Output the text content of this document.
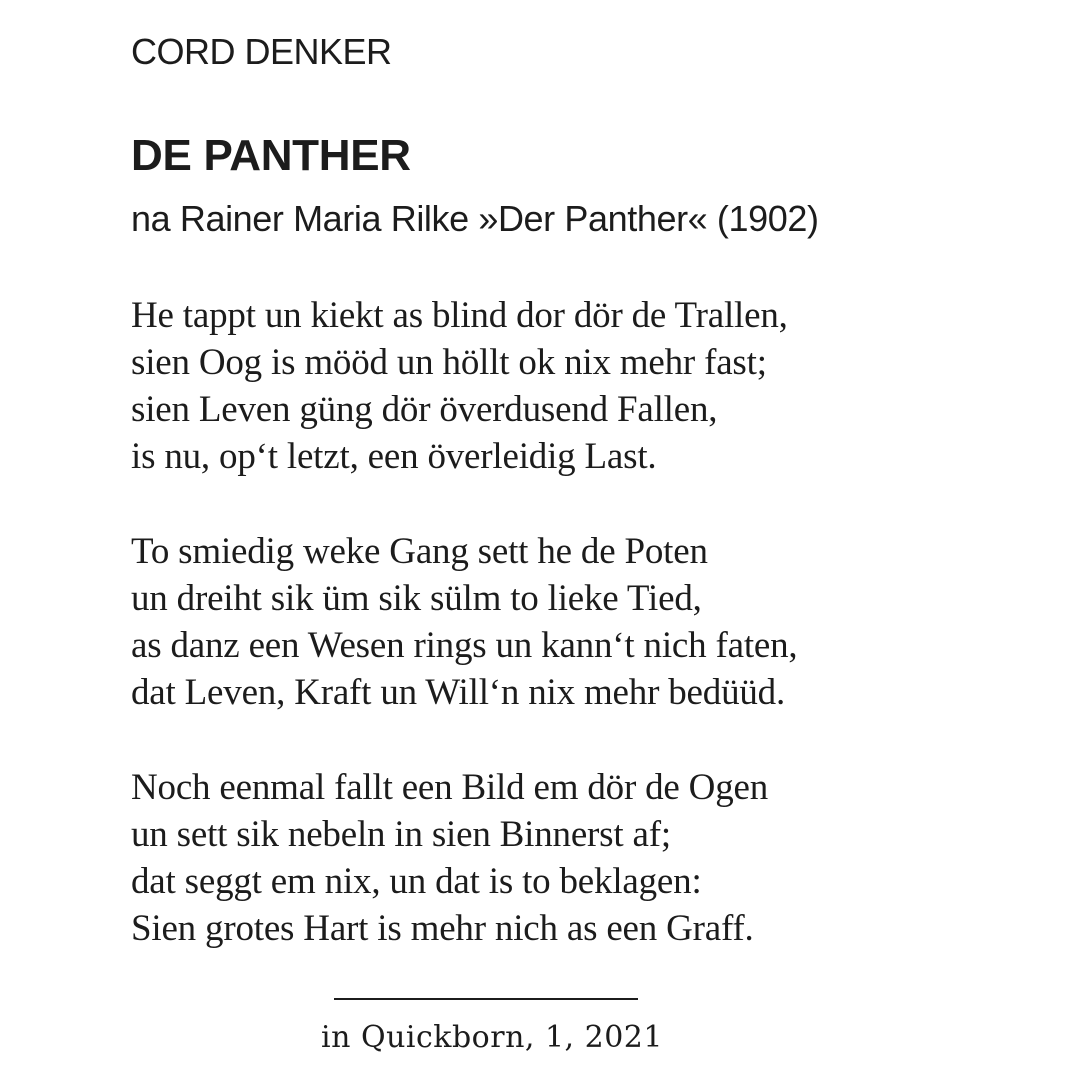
CORD DENKER
DE PANTHER
na Rainer Maria Rilke »Der Panther« (1902)
He tappt un kiekt as blind dor dör de Trallen,
sien Oog is mööd un höllt ok nix mehr fast;
sien Leven güng dör överdusend Fallen,
is nu, op‘t letzt, een överleidig Last.
To smiedig weke Gang sett he de Poten
un dreiht sik üm sik sülm to lieke Tied,
as danz een Wesen rings un kann‘t nich faten,
dat Leven, Kraft un Will‘n nix mehr bedüüd.
Noch eenmal fallt een Bild em dör de Ogen
un sett sik nebeln in sien Binnerst af;
dat seggt em nix, un dat is to beklagen:
Sien grotes Hart is mehr nich as een Graff.
in Quickborn, 1, 2021
